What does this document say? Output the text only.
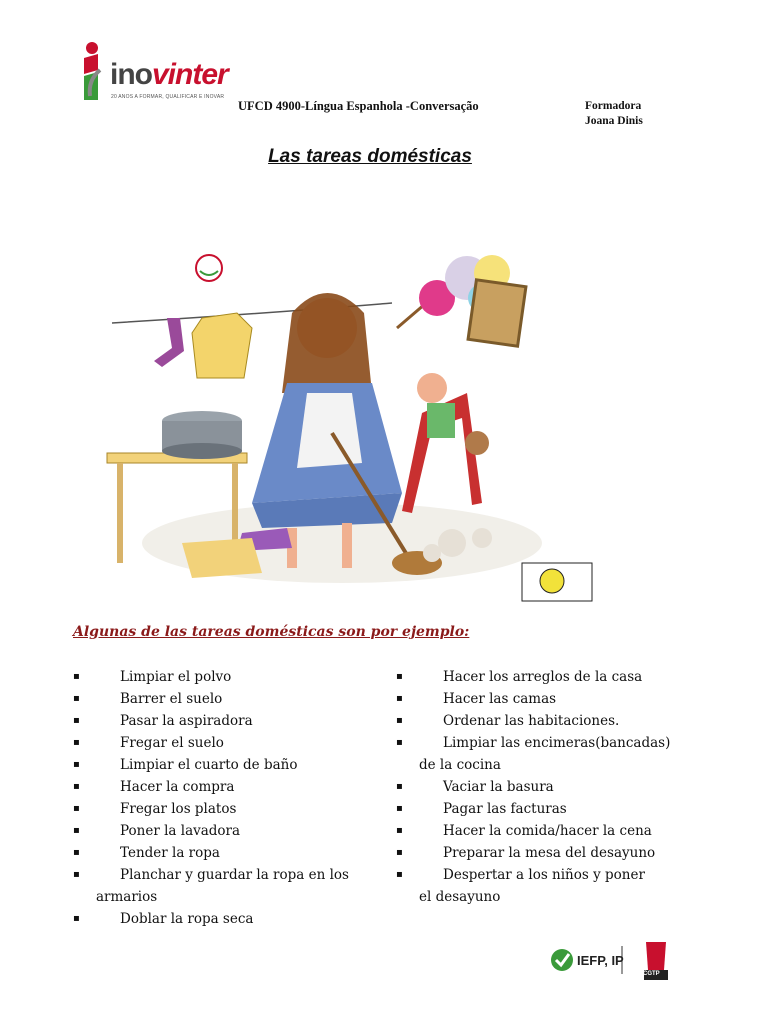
inovinter
20 ANOS A FORMAR, QUALIFICAR E INOVAR
UFCD 4900-Língua Espanhola -Conversação	Formadora
Joana Dinis
Las tareas domésticas
Algunas de las tareas domésticas son por ejemplo:
▪	Limpiar el polvo
▪	Barrer el suelo
▪	Pasar la aspiradora
▪	Fregar el suelo
▪	Limpiar el cuarto de baño
▪	Hacer la compra
▪	Fregar los platos
▪	Poner la lavadora
▪	Tender la ropa
▪	Planchar y guardar la ropa en los
armarios
▪	Doblar la ropa seca
▪	Hacer los arreglos de la casa
▪	Hacer las camas
▪	Ordenar las habitaciones.
▪	Limpiar las encimeras(bancadas)
de la cocina
▪	Vaciar la basura
▪	Pagar las facturas
▪	Hacer la comida/hacer la cena
▪	Preparar la mesa del desayuno
▪	Despertar a los niños y poner
el desayuno
IEFP, IP
CGTP
